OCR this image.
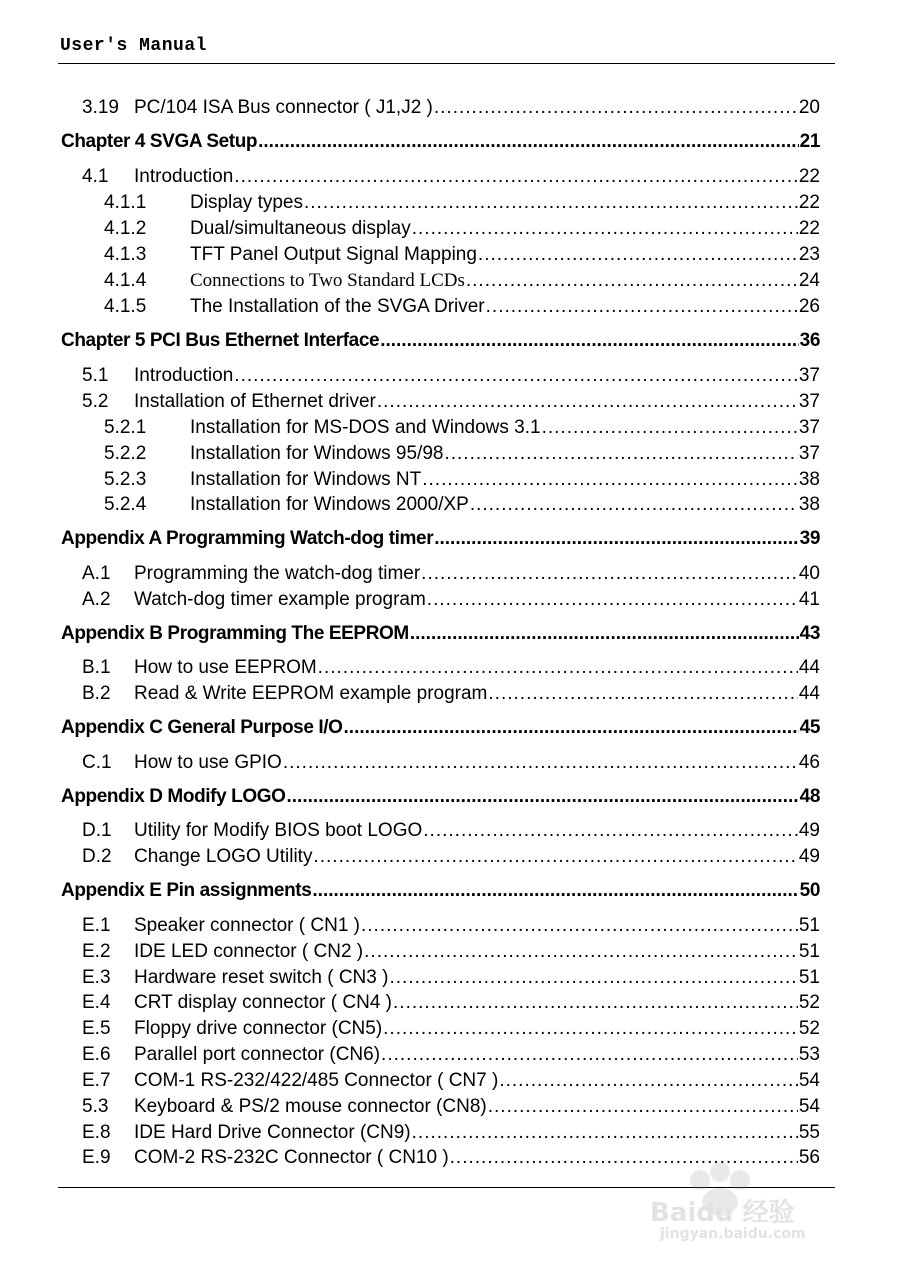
User's Manual
3.19 PC/104 ISA Bus connector ( J1,J2 ) .....	20
Chapter 4 SVGA Setup .....	21
4.1	Introduction .....	22
4.1.1	Display types .....	22
4.1.2	Dual/simultaneous display .....	22
4.1.3	TFT Panel Output Signal Mapping .....	23
4.1.4	Connections to Two Standard LCDs .....	24
4.1.5	The Installation of the SVGA Driver .....	26
Chapter 5 PCI Bus Ethernet Interface .....	36
5.1	Introduction .....	37
5.2	Installation of Ethernet driver .....	37
5.2.1	Installation for MS-DOS and Windows 3.1 .....	37
5.2.2	Installation for Windows 95/98 .....	37
5.2.3	Installation for Windows NT .....	38
5.2.4	Installation for Windows 2000/XP .....	38
Appendix A Programming Watch-dog timer .....	39
A.1	Programming the watch-dog timer .....	40
A.2	Watch-dog timer example program .....	41
Appendix B Programming The EEPROM .....	43
B.1	How to use EEPROM .....	44
B.2	Read & Write EEPROM example program .....	44
Appendix C General Purpose I/O .....	45
C.1	How to use GPIO .....	46
Appendix D Modify LOGO .....	48
D.1	Utility for Modify BIOS boot LOGO .....	49
D.2	Change LOGO Utility .....	49
Appendix E Pin assignments .....	50
E.1	Speaker connector ( CN1 ) .....	51
E.2	IDE LED connector ( CN2 ) .....	51
E.3	Hardware reset switch ( CN3 ) .....	51
E.4	CRT display connector ( CN4 ) .....	52
E.5	Floppy drive connector (CN5) .....	52
E.6	Parallel port connector (CN6) .....	53
E.7	COM-1 RS-232/422/485 Connector ( CN7 ) .....	54
5.3	Keyboard & PS/2 mouse connector (CN8) .....	54
E.8	IDE Hard Drive Connector (CN9) .....	55
E.9	COM-2 RS-232C Connector ( CN10 ) .....	56
Baidu 经验
jingyan.baidu.com
